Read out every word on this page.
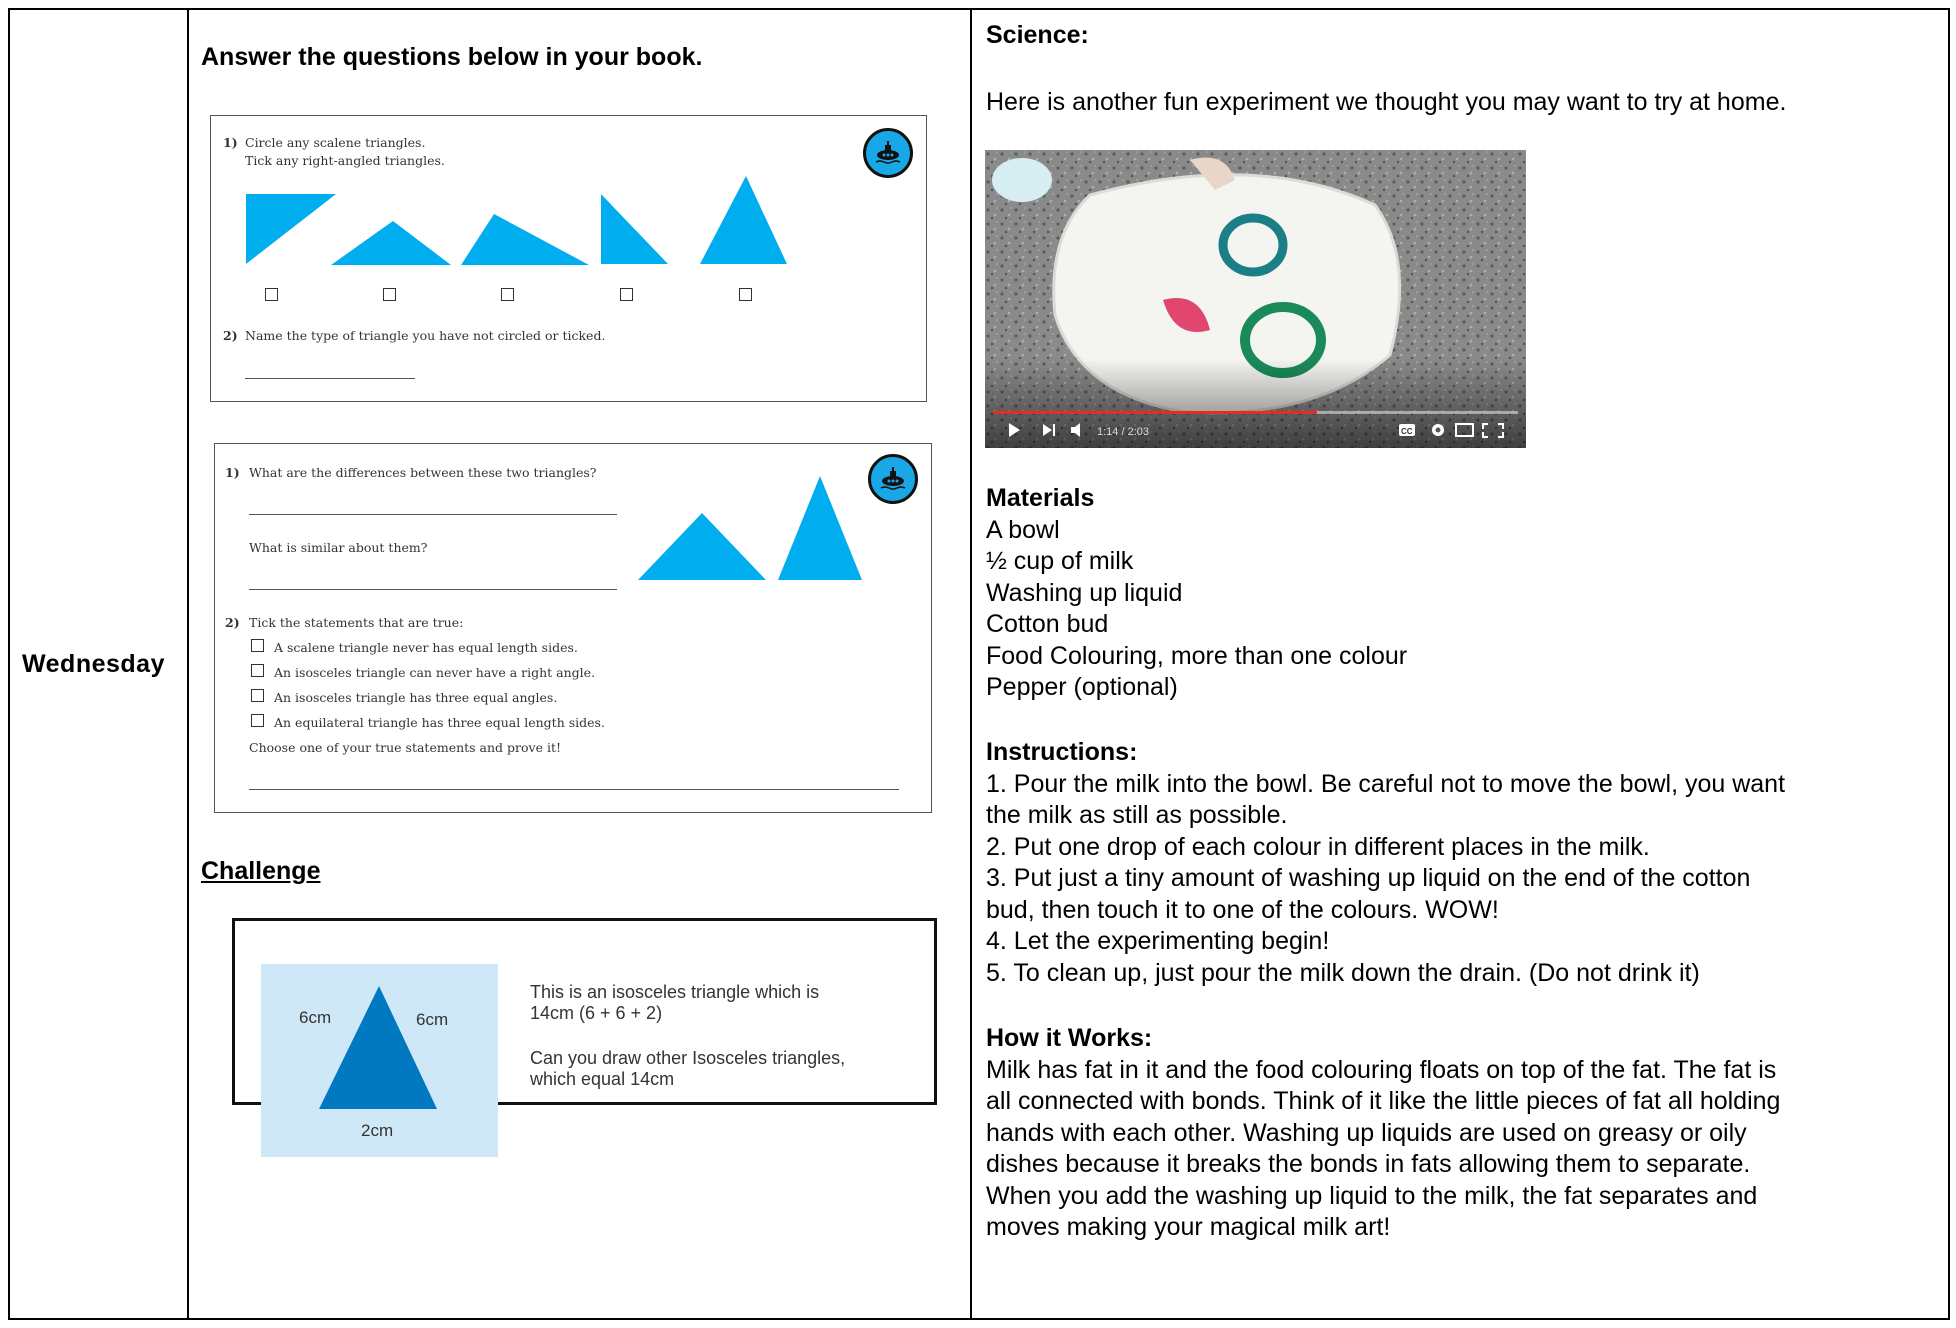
Wednesday
Answer the questions below in your book.
1) Circle any scalene triangles.
Tick any right-angled triangles.
2) Name the type of triangle you have not circled or ticked.
1) What are the differences between these two triangles?
What is similar about them?
2) Tick the statements that are true:
A scalene triangle never has equal length sides.
An isosceles triangle can never have a right angle.
An isosceles triangle has three equal angles.
An equilateral triangle has three equal length sides.
Choose one of your true statements and prove it!
Challenge
6cm	6cm
2cm
This is an isosceles triangle which is
14cm (6 + 6 + 2)
Can you draw other Isosceles triangles,
which equal 14cm
Science:
Here is another fun experiment we thought you may want to try at home.
1:14 / 2:03	CC
Materials
A bowl
½ cup of milk
Washing up liquid
Cotton bud
Food Colouring, more than one colour
Pepper (optional)
Instructions:
1. Pour the milk into the bowl. Be careful not to move the bowl, you want
the milk as still as possible.
2. Put one drop of each colour in different places in the milk.
3. Put just a tiny amount of washing up liquid on the end of the cotton
bud, then touch it to one of the colours. WOW!
4. Let the experimenting begin!
5. To clean up, just pour the milk down the drain. (Do not drink it)
How it Works:
Milk has fat in it and the food colouring floats on top of the fat. The fat is
all connected with bonds. Think of it like the little pieces of fat all holding
hands with each other. Washing up liquids are used on greasy or oily
dishes because it breaks the bonds in fats allowing them to separate.
When you add the washing up liquid to the milk, the fat separates and
moves making your magical milk art!
